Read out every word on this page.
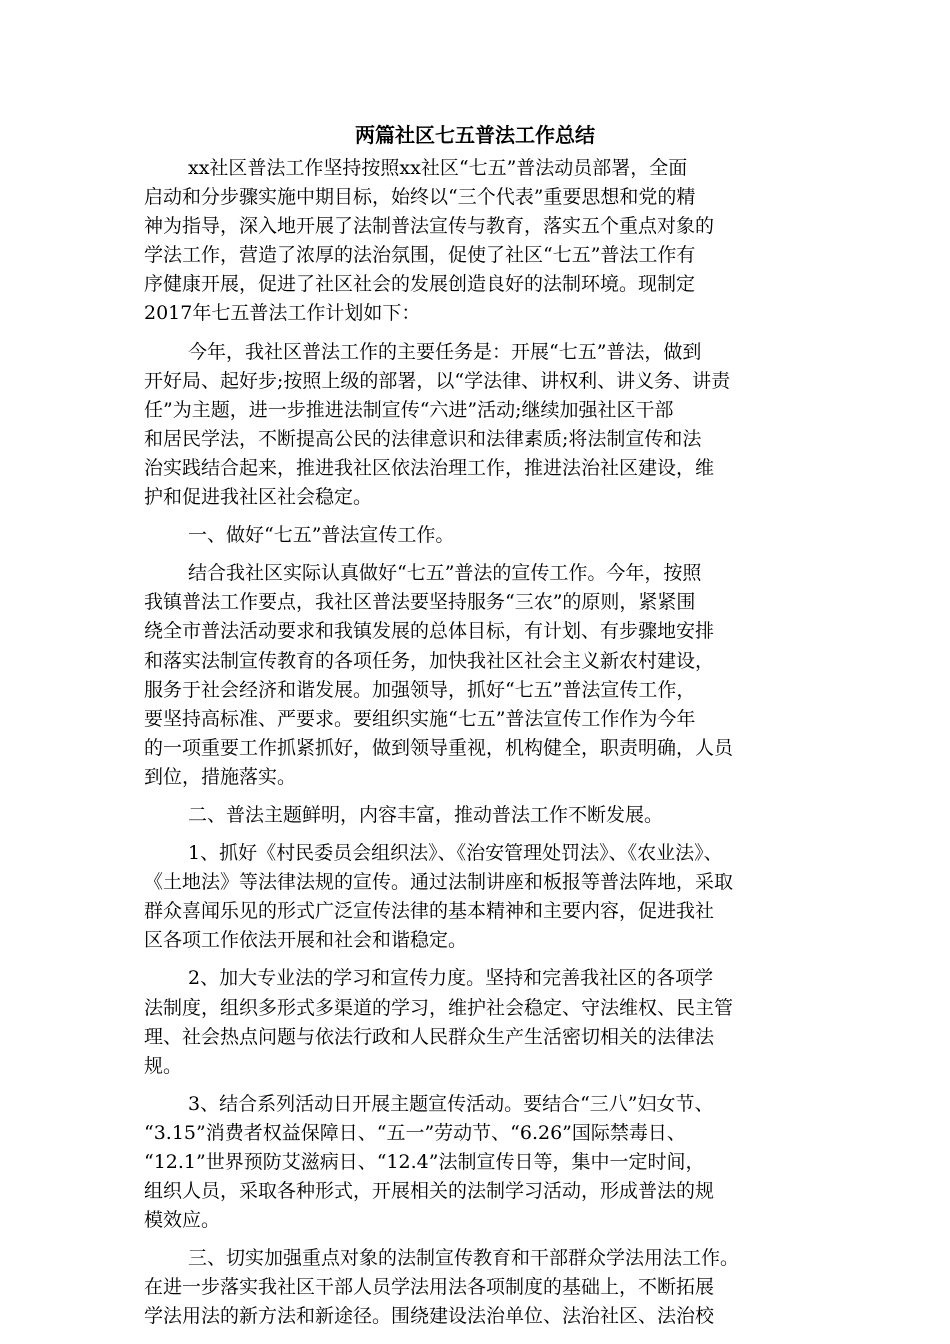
两篇社区七五普法工作总结

xx社区普法工作坚持按照xx社区“七五”普法动员部署，全面
启动和分步骤实施中期目标，始终以“三个代表”重要思想和党的精
神为指导，深入地开展了法制普法宣传与教育，落实五个重点对象的
学法工作，营造了浓厚的法治氛围，促使了社区“七五”普法工作有
序健康开展，促进了社区社会的发展创造良好的法制环境。现制定
2017年七五普法工作计划如下：

今年，我社区普法工作的主要任务是：开展“七五”普法，做到
开好局、起好步;按照上级的部署，以“学法律、讲权利、讲义务、讲责
任”为主题，进一步推进法制宣传“六进”活动;继续加强社区干部
和居民学法，不断提高公民的法律意识和法律素质;将法制宣传和法
治实践结合起来，推进我社区依法治理工作，推进法治社区建设，维
护和促进我社区社会稳定。

一、做好“七五”普法宣传工作。

结合我社区实际认真做好“七五”普法的宣传工作。今年，按照
我镇普法工作要点，我社区普法要坚持服务“三农”的原则，紧紧围
绕全市普法活动要求和我镇发展的总体目标，有计划、有步骤地安排
和落实法制宣传教育的各项任务，加快我社区社会主义新农村建设，
服务于社会经济和谐发展。加强领导，抓好“七五”普法宣传工作，
要坚持高标准、严要求。要组织实施“七五”普法宣传工作作为今年
的一项重要工作抓紧抓好，做到领导重视，机构健全，职责明确，人员
到位，措施落实。

二、普法主题鲜明，内容丰富，推动普法工作不断发展。

1、抓好《村民委员会组织法》、《治安管理处罚法》、《农业法》、
《土地法》等法律法规的宣传。通过法制讲座和板报等普法阵地，采取
群众喜闻乐见的形式广泛宣传法律的基本精神和主要内容，促进我社
区各项工作依法开展和社会和谐稳定。

2、加大专业法的学习和宣传力度。坚持和完善我社区的各项学
法制度，组织多形式多渠道的学习，维护社会稳定、守法维权、民主管
理、社会热点问题与依法行政和人民群众生产生活密切相关的法律法
规。

3、结合系列活动日开展主题宣传活动。要结合“三八”妇女节、
“3.15”消费者权益保障日、“五一”劳动节、“6.26”国际禁毒日、
“12.1”世界预防艾滋病日、“12.4”法制宣传日等，集中一定时间，
组织人员，采取各种形式，开展相关的法制学习活动，形成普法的规
模效应。

三、切实加强重点对象的法制宣传教育和干部群众学法用法工作。
在进一步落实我社区干部人员学法用法各项制度的基础上，不断拓展
学法用法的新方法和新途径。围绕建设法治单位、法治社区、法治校
